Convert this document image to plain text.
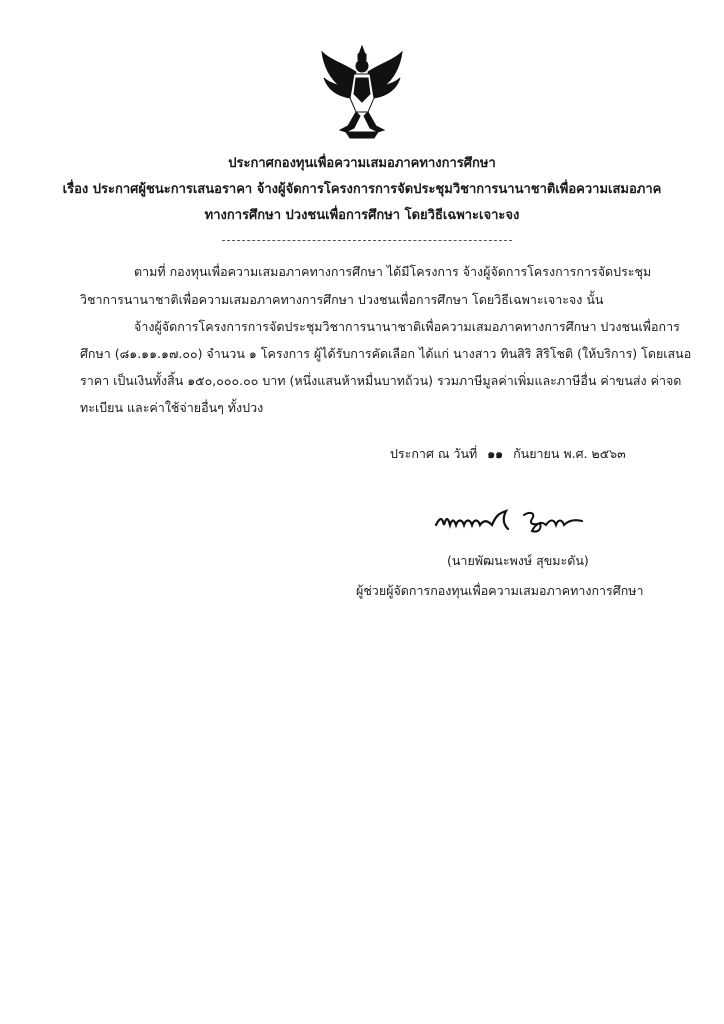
ประกาศกองทุนเพื่อความเสมอภาคทางการศึกษา
เรื่อง ประกาศผู้ชนะการเสนอราคา จ้างผู้จัดการโครงการการจัดประชุมวิชาการนานาชาติเพื่อความเสมอภาค
ทางการศึกษา ปวงชนเพื่อการศึกษา โดยวิธีเฉพาะเจาะจง
ตามที่ กองทุนเพื่อความเสมอภาคทางการศึกษา ได้มีโครงการ จ้างผู้จัดการโครงการการจัดประชุม
วิชาการนานาชาติเพื่อความเสมอภาคทางการศึกษา ปวงชนเพื่อการศึกษา โดยวิธีเฉพาะเจาะจง นั้น
จ้างผู้จัดการโครงการการจัดประชุมวิชาการนานาชาติเพื่อความเสมอภาคทางการศึกษา ปวงชนเพื่อการ
ศึกษา (๘๑.๑๑.๑๗.๐๐) จำนวน ๑ โครงการ ผู้ได้รับการคัดเลือก ได้แก่ นางสาว ทินสิริ สิริโชติ (ให้บริการ) โดยเสนอ
ราคา เป็นเงินทั้งสิ้น ๑๕๐,๐๐๐.๐๐ บาท (หนึ่งแสนห้าหมื่นบาทถ้วน) รวมภาษีมูลค่าเพิ่มและภาษีอื่น ค่าขนส่ง ค่าจด
ทะเบียน และค่าใช้จ่ายอื่นๆ ทั้งปวง
ประกาศ ณ วันที่ ๑๑ กันยายน พ.ศ. ๒๕๖๓
(นายพัฒนะพงษ์ สุขมะดัน)
ผู้ช่วยผู้จัดการกองทุนเพื่อความเสมอภาคทางการศึกษา
